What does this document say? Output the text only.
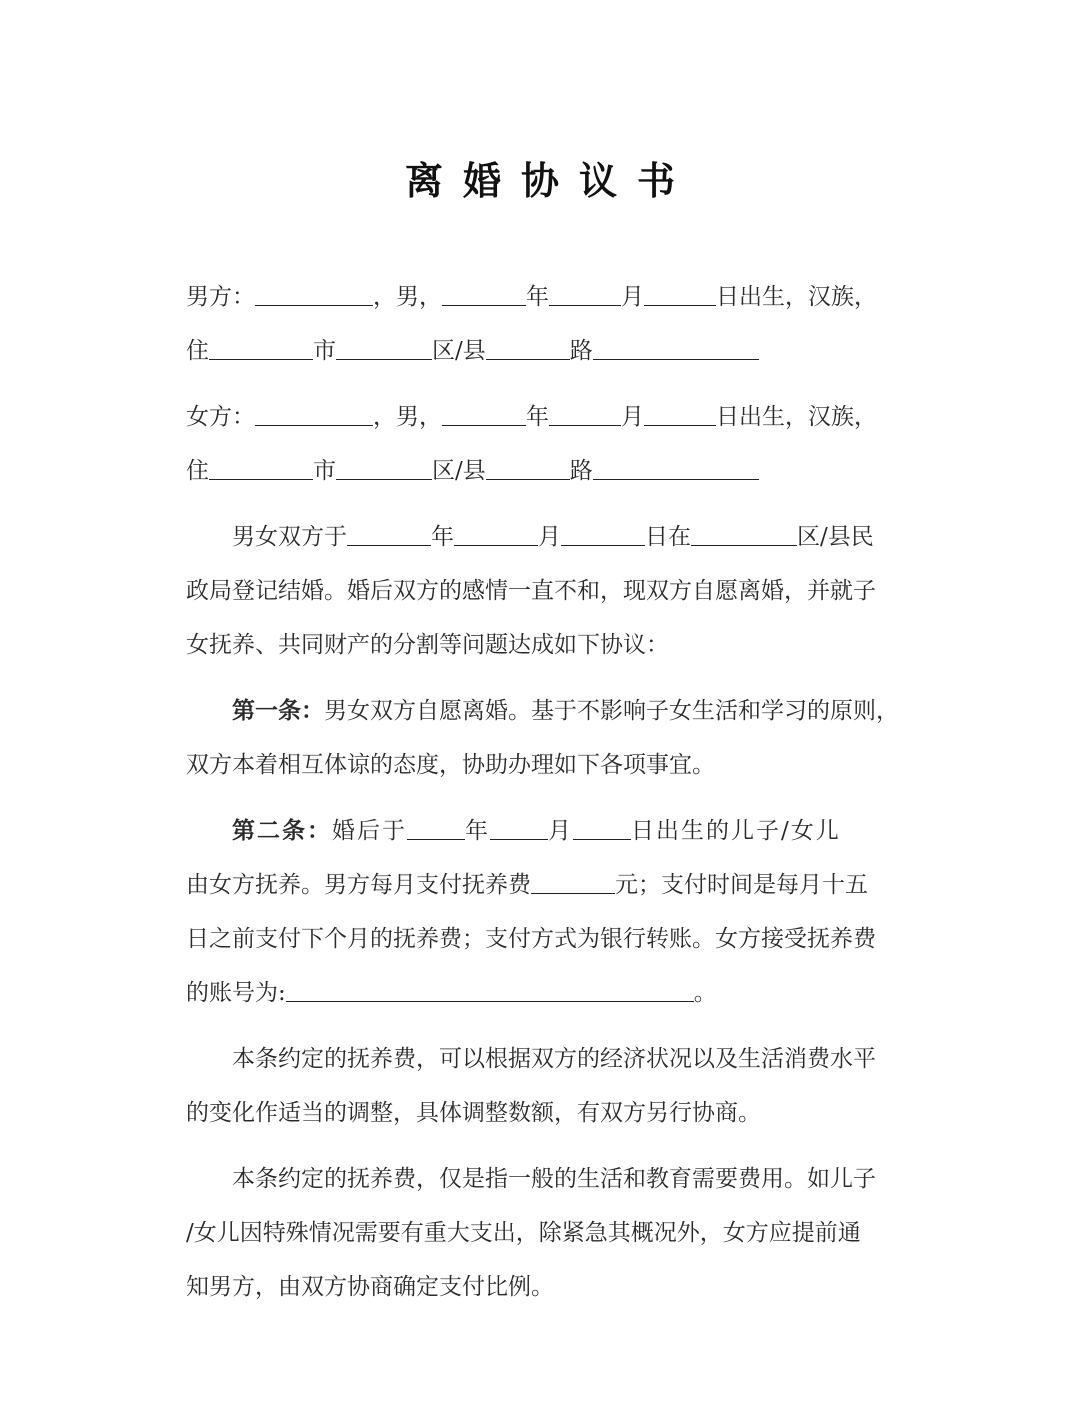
离婚协议书
男方：	，男，	年	月	日出生，汉族，
住	市	区/县	路
女方：	，男，	年	月	日出生，汉族，
住	市	区/县	路
男女双方于	年	月	日在	区/县民
政局登记结婚。婚后双方的感情一直不和，现双方自愿离婚，并就子
女抚养、共同财产的分割等问题达成如下协议：
第一条：男女双方自愿离婚。基于不影响子女生活和学习的原则，
双方本着相互体谅的态度，协助办理如下各项事宜。
第二条：婚后于	年	月	日出生的儿子/女儿
由女方抚养。男方每月支付抚养费	元；支付时间是每月十五
日之前支付下个月的抚养费；支付方式为银行转账。女方接受抚养费
的账号为:	。
本条约定的抚养费，可以根据双方的经济状况以及生活消费水平
的变化作适当的调整，具体调整数额，有双方另行协商。
本条约定的抚养费，仅是指一般的生活和教育需要费用。如儿子
/女儿因特殊情况需要有重大支出，除紧急其概况外，女方应提前通
知男方，由双方协商确定支付比例。
